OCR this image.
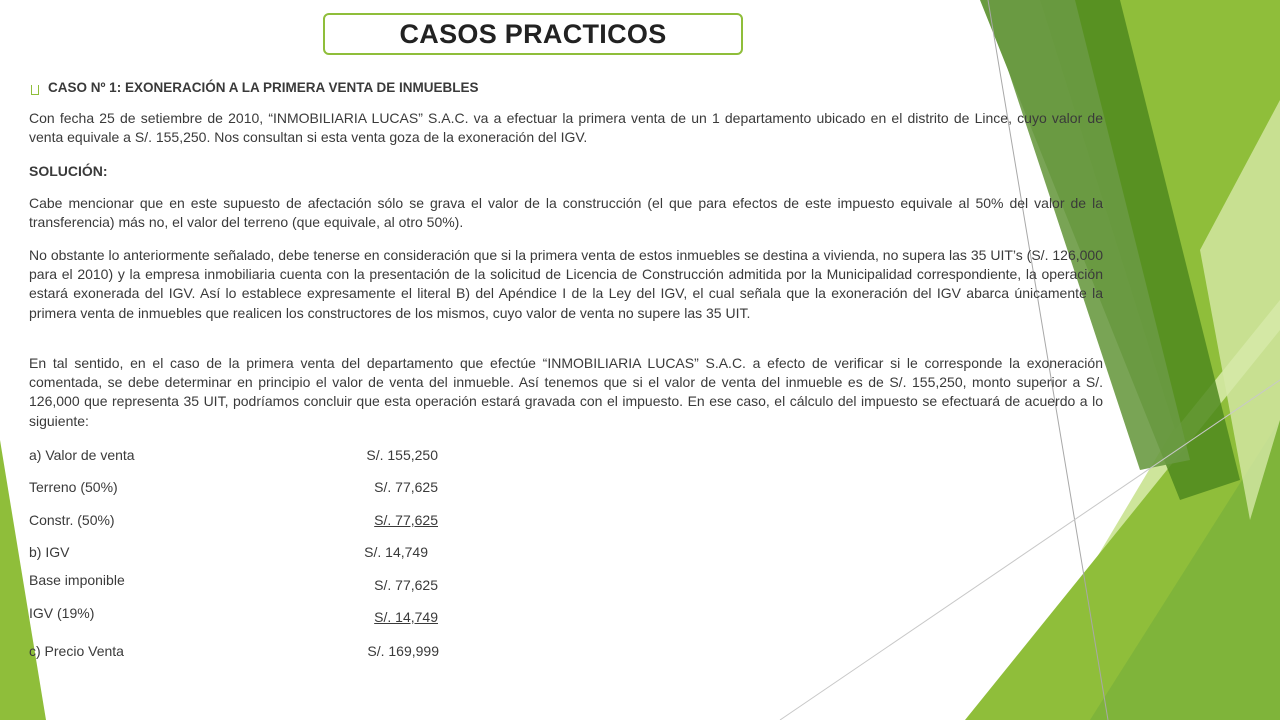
CASOS PRACTICOS
CASO Nº 1: EXONERACIÓN A LA PRIMERA VENTA DE INMUEBLES

Con fecha 25 de setiembre de 2010, “INMOBILIARIA LUCAS” S.A.C. va a efectuar la primera venta de un 1 departamento ubicado en el distrito de Lince, cuyo valor de venta equivale a S/. 155,250. Nos consultan si esta venta goza de la exoneración del IGV.

SOLUCIÓN:

Cabe mencionar que en este supuesto de afectación sólo se grava el valor de la construcción (el que para efectos de este impuesto equivale al 50% del valor de la transferencia) más no, el valor del terreno (que equivale, al otro 50%).

No obstante lo anteriormente señalado, debe tenerse en consideración que si la primera venta de estos inmuebles se destina a vivienda, no supera las 35 UIT’s (S/. 126,000 para el 2010) y la empresa inmobiliaria cuenta con la presentación de la solicitud de Licencia de Construcción admitida por la Municipalidad correspondiente, la operación estará exonerada del IGV. Así lo establece expresamente el literal B) del Apéndice I de la Ley del IGV, el cual señala que la exoneración del IGV abarca únicamente la primera venta de inmuebles que realicen los constructores de los mismos, cuyo valor de venta no supere las 35 UIT.

En tal sentido, en el caso de la primera venta del departamento que efectúe “INMOBILIARIA LUCAS” S.A.C. a efecto de verificar si le corresponde la exoneración comentada, se debe determinar en principio el valor de venta del inmueble. Así tenemos que si el valor de venta del inmueble es de S/. 155,250, monto superior a S/. 126,000 que representa 35 UIT, podríamos concluir que esta operación estará gravada con el impuesto. En ese caso, el cálculo del impuesto se efectuará de acuerdo a lo siguiente:

a) Valor de venta	S/. 155,250
Terreno (50%)	S/. 77,625
Constr. (50%)	S/. 77,625
b) IGV	S/. 14,749
Base imponible	S/. 77,625
IGV (19%)	S/. 14,749
c) Precio Venta	S/. 169,999
